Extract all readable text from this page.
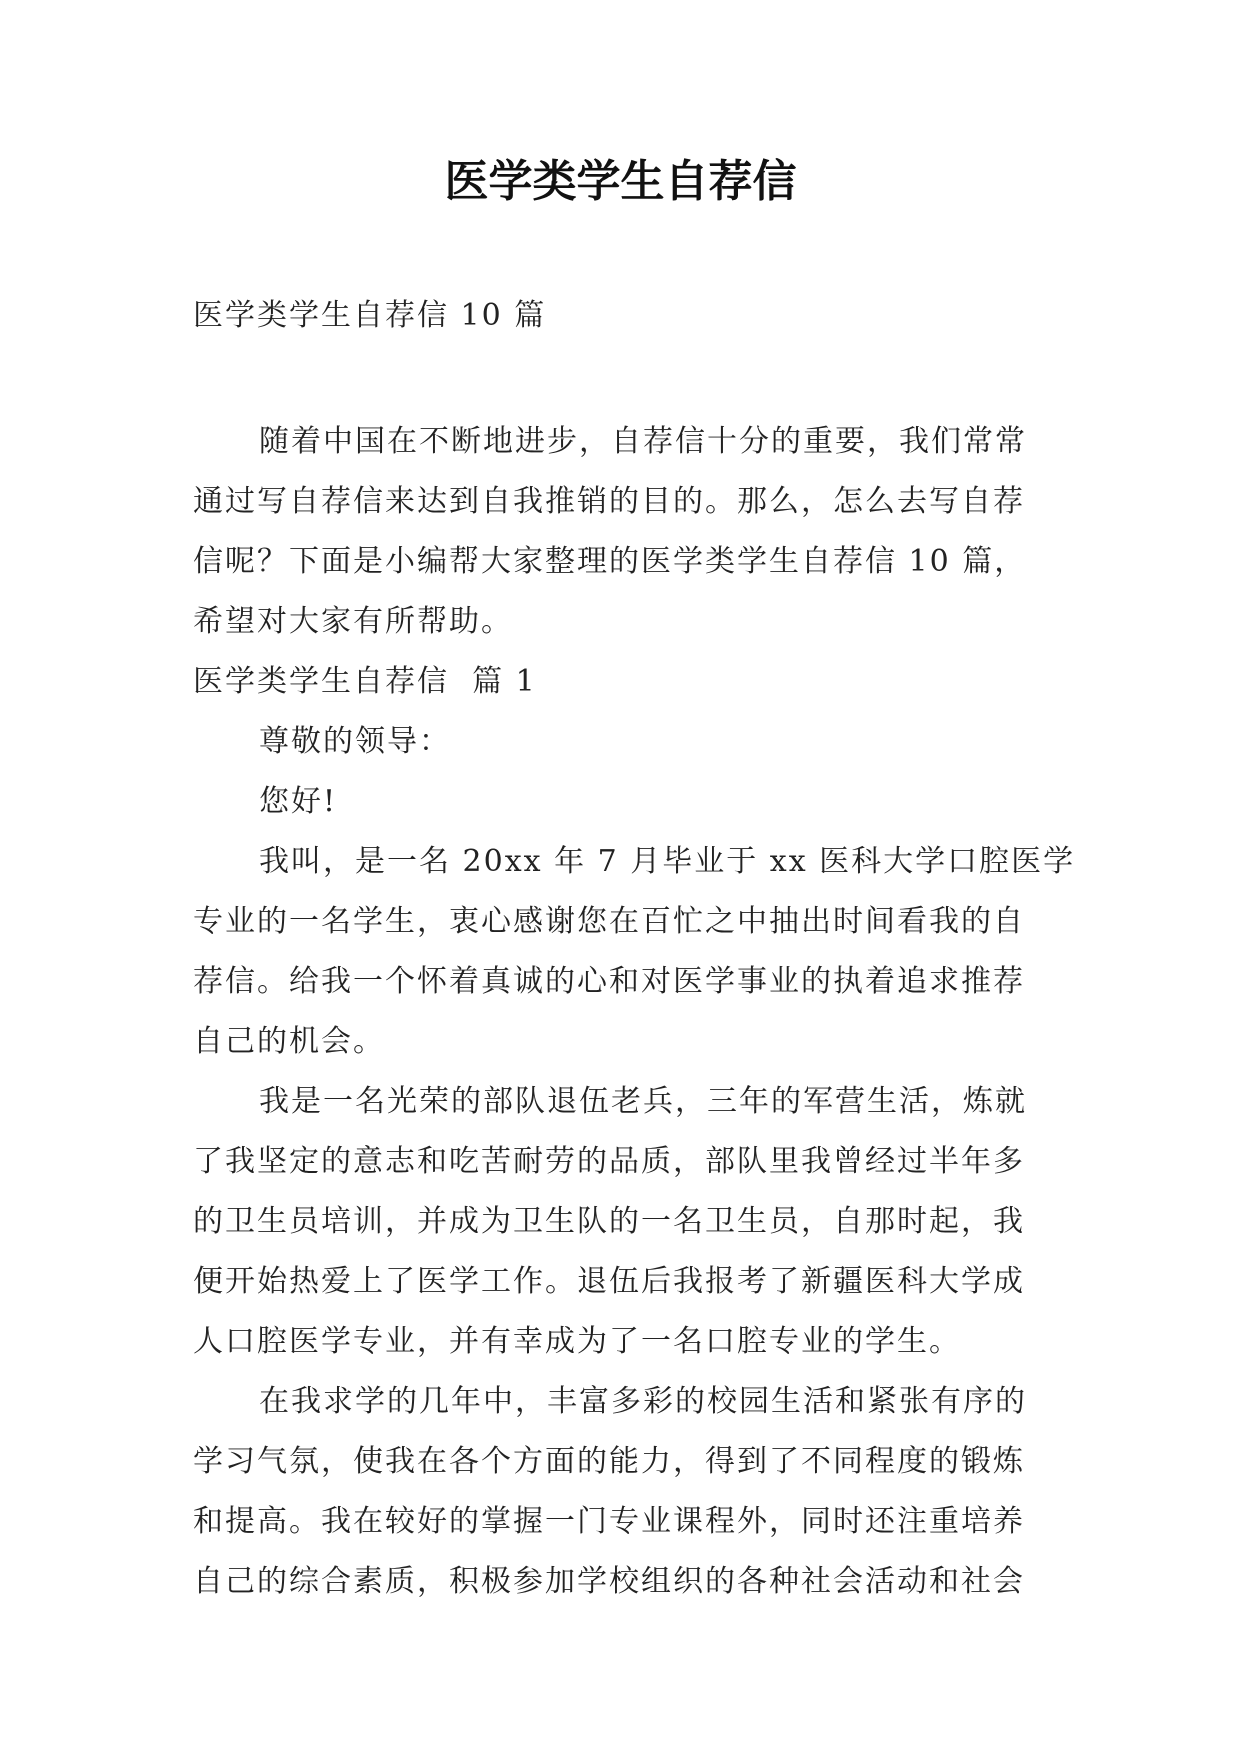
医学类学生自荐信

医学类学生自荐信 10 篇

随着中国在不断地进步，自荐信十分的重要，我们常常

通过写自荐信来达到自我推销的目的。那么，怎么去写自荐

信呢？下面是小编帮大家整理的医学类学生自荐信 10 篇，

希望对大家有所帮助。

医学类学生自荐信  篇 1

尊敬的领导：

您好!

我叫，是一名 20xx 年 7 月毕业于 xx 医科大学口腔医学

专业的一名学生，衷心感谢您在百忙之中抽出时间看我的自

荐信。给我一个怀着真诚的心和对医学事业的执着追求推荐

自己的机会。

我是一名光荣的部队退伍老兵，三年的军营生活，炼就

了我坚定的意志和吃苦耐劳的品质，部队里我曾经过半年多

的卫生员培训，并成为卫生队的一名卫生员，自那时起，我

便开始热爱上了医学工作。退伍后我报考了新疆医科大学成

人口腔医学专业，并有幸成为了一名口腔专业的学生。

在我求学的几年中，丰富多彩的校园生活和紧张有序的

学习气氛，使我在各个方面的能力，得到了不同程度的锻炼

和提高。我在较好的掌握一门专业课程外，同时还注重培养

自己的综合素质，积极参加学校组织的各种社会活动和社会
